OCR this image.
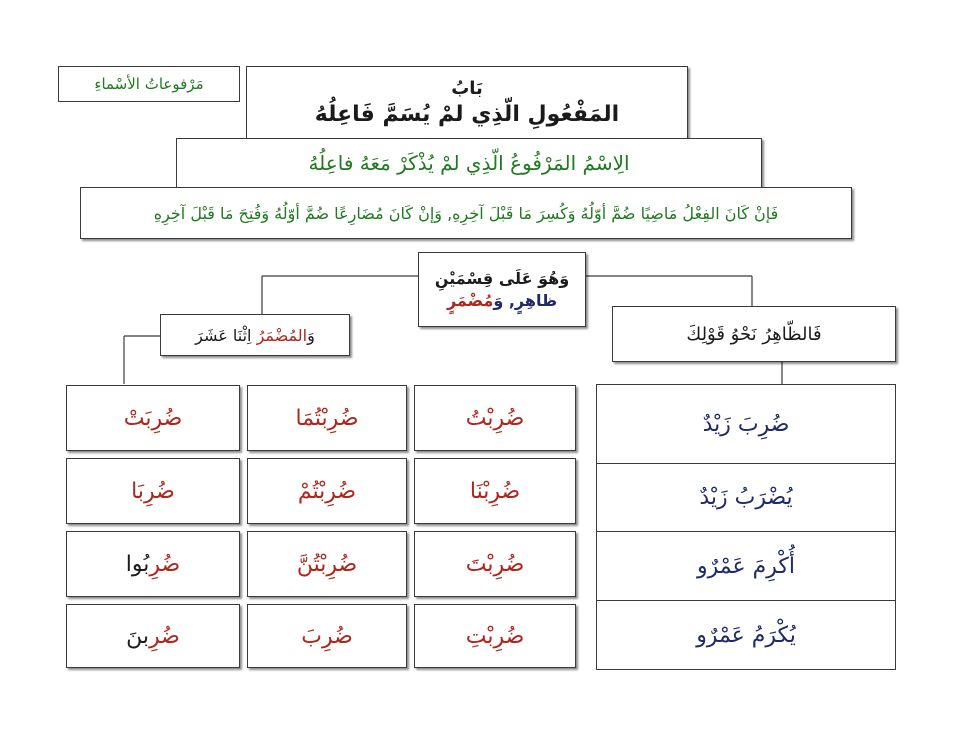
مَرْفوعاتُ الأسْماءِ	بَابُ
المَفْعُولِ الّذِي لمْ يُسَمَّ فَاعِلُهُ
الِاسْمُ المَرْفُوعُ الّذِي لمْ يُذْكَرْ مَعَهُ فاعِلُهُ
فَإنْ كَانَ الفِعْلُ مَاضِيًا ضُمَّ أوّلُهُ وَكُسِرَ مَا قَبْلَ آخِرِهِ, وَإنْ كَانَ مُضَارِعًا ضُمَّ أوّلُهُ وَفُتِحَ مَا قَبْلَ آخِرِهِ
وَهُوَ عَلَى قِسْمَيْنِ
ظاهِرٍ, وَمُضْمَرٍ
فَالظّاهِرُ نَحْوُ قَوْلِكَ
وَالمُضْمَرُ اِثْنَا عَشَرَ
ضُرِبَ زَيْدٌ
يُضْرَبُ زَيْدٌ
أُكْرِمَ عَمْرٌو
يُكْرَمُ عَمْرٌو
ضُرِبْتُ
ضُرِبْنَا
ضُرِبْتَ
ضُرِبْتِ
ضُرِبْتُمَا
ضُرِبْتُمْ
ضُرِبْتُنَّ
ضُرِبَ
ضُرِبَتْ
ضُرِبَا
ضُرِبُوا
ضُرِبنَ
